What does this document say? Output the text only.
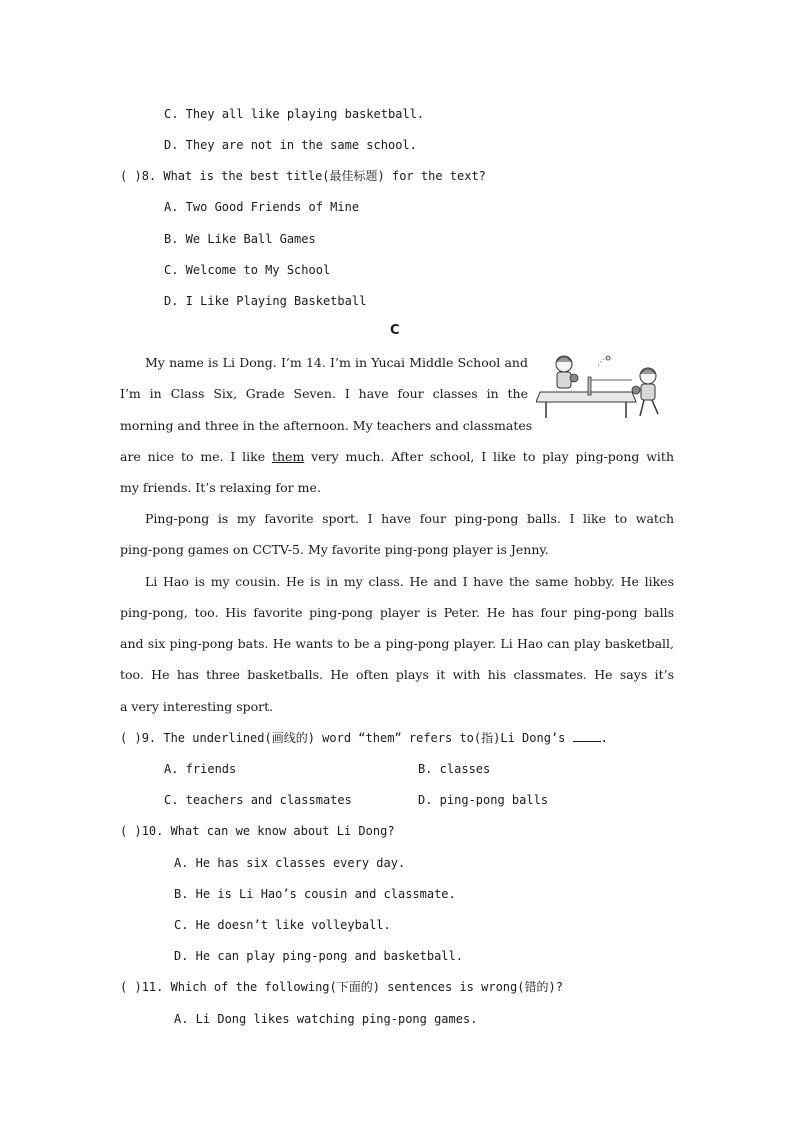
C. They all like playing basketball.
D. They are not in the same school.
( )8. What is the best title(最佳标题) for the text?
A. Two Good Friends of Mine
B. We Like Ball Games
C. Welcome to My School
D. I Like Playing Basketball
C
My name is Li Dong. I’m 14. I’m in Yucai Middle School and
I’m in Class Six, Grade Seven. I have four classes in the
morning and three in the afternoon. My teachers and classmates
are nice to me. I like them very much. After school, I like to play ping-pong with
my friends. It’s relaxing for me.
Ping-pong is my favorite sport. I have four ping-pong balls. I like to watch
ping-pong games on CCTV-5. My favorite ping-pong player is Jenny.
Li Hao is my cousin. He is in my class. He and I have the same hobby. He likes
ping-pong, too. His favorite ping-pong player is Peter. He has four ping-pong balls
and six ping-pong bats. He wants to be a ping-pong player. Li Hao can play basketball,
too. He has three basketballs. He often plays it with his classmates. He says it’s
a very interesting sport.
( )9. The underlined(画线的) word “them” refers to(指)Li Dong’s .
A. friends	B. classes
C. teachers and classmates	D. ping-pong balls
( )10. What can we know about Li Dong?
A. He has six classes every day.
B. He is Li Hao’s cousin and classmate.
C. He doesn’t like volleyball.
D. He can play ping-pong and basketball.
( )11. Which of the following(下面的) sentences is wrong(错的)?
A. Li Dong likes watching ping-pong games.
